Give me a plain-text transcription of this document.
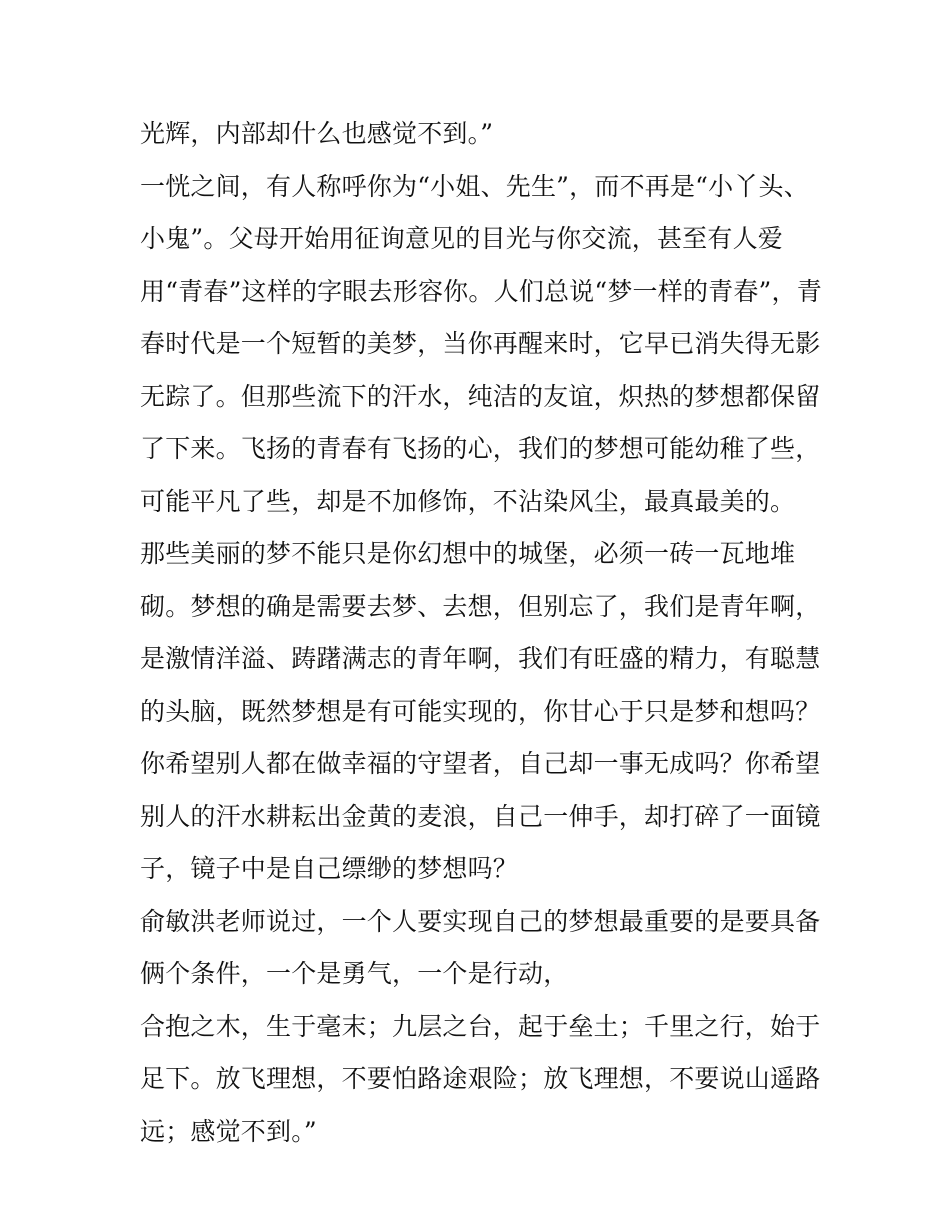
光辉，内部却什么也感觉不到。”
一恍之间，有人称呼你为“小姐、先生”，而不再是“小丫头、
小鬼”。父母开始用征询意见的目光与你交流，甚至有人爱
用“青春”这样的字眼去形容你。人们总说“梦一样的青春”，青
春时代是一个短暂的美梦，当你再醒来时，它早已消失得无影
无踪了。但那些流下的汗水，纯洁的友谊，炽热的梦想都保留
了下来。飞扬的青春有飞扬的心，我们的梦想可能幼稚了些，
可能平凡了些，却是不加修饰，不沾染风尘，最真最美的。
那些美丽的梦不能只是你幻想中的城堡，必须一砖一瓦地堆
砌。梦想的确是需要去梦、去想，但别忘了，我们是青年啊，
是激情洋溢、踌躇满志的青年啊，我们有旺盛的精力，有聪慧
的头脑，既然梦想是有可能实现的，你甘心于只是梦和想吗？
你希望别人都在做幸福的守望者，自己却一事无成吗？你希望
别人的汗水耕耘出金黄的麦浪，自己一伸手，却打碎了一面镜
子，镜子中是自己缥缈的梦想吗？
俞敏洪老师说过，一个人要实现自己的梦想最重要的是要具备
俩个条件，一个是勇气，一个是行动，
合抱之木，生于毫末；九层之台，起于垒土；千里之行，始于
足下。放飞理想，不要怕路途艰险；放飞理想，不要说山遥路
远；感觉不到。”
